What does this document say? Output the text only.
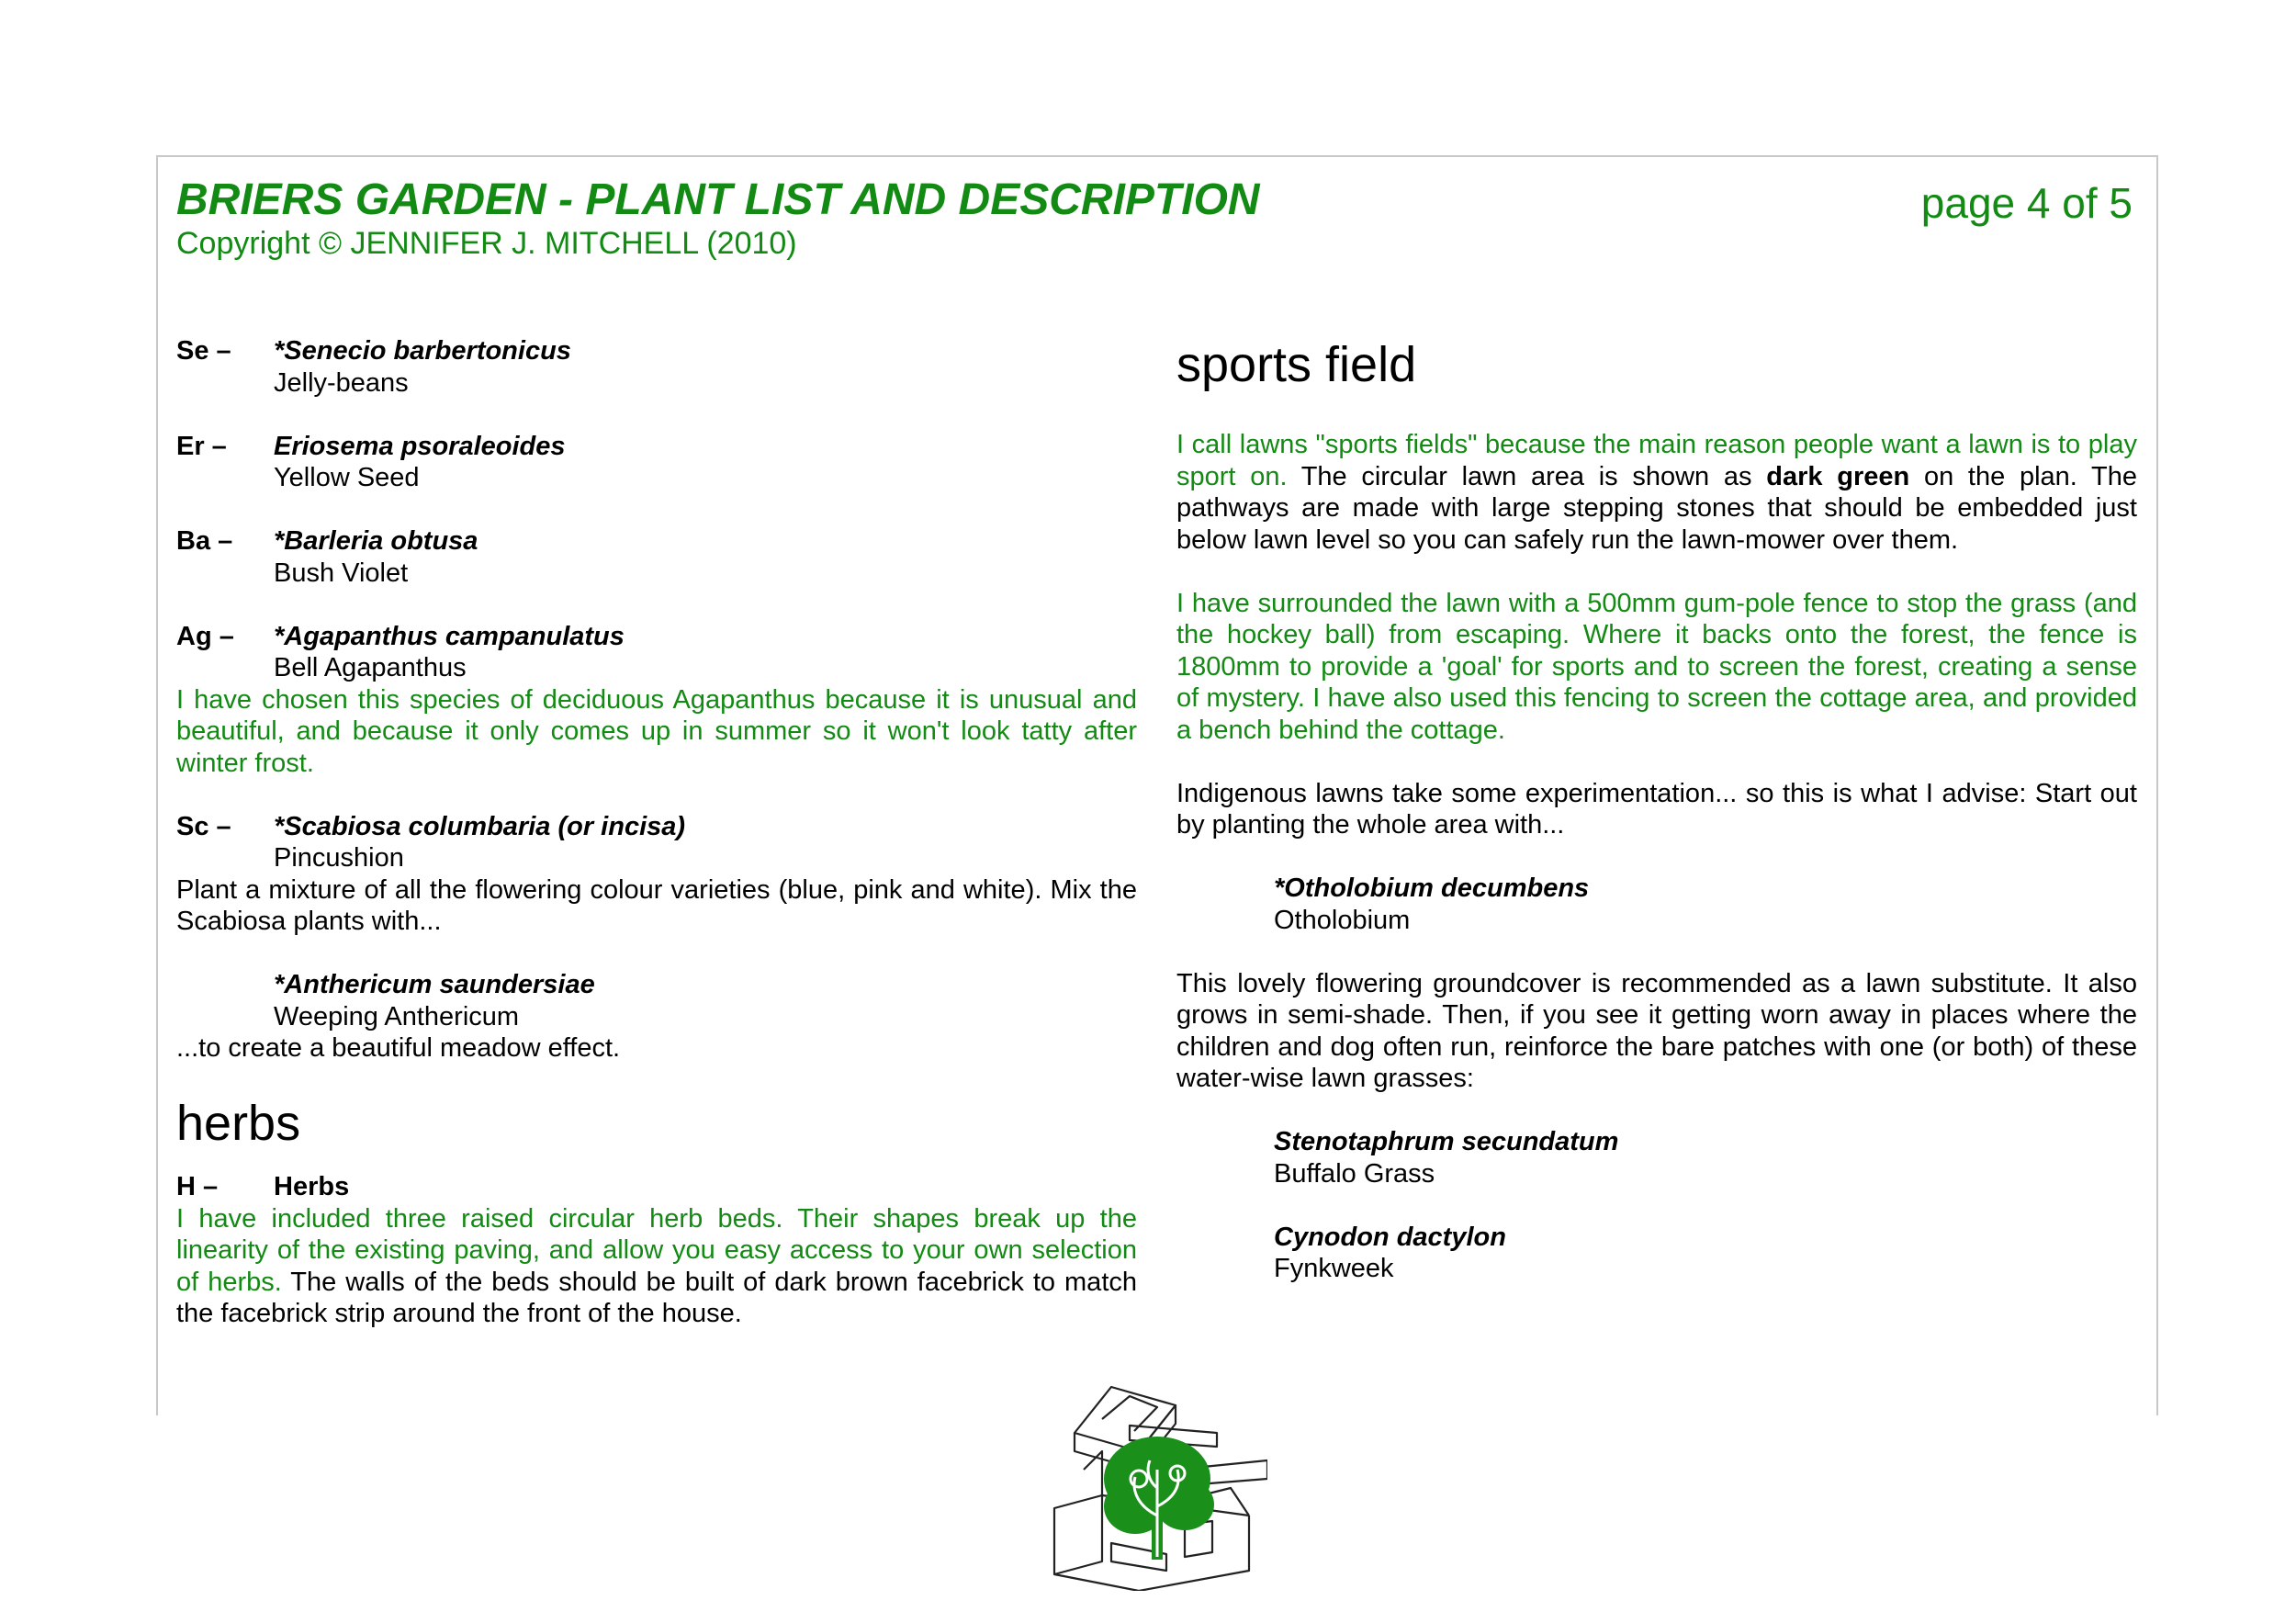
BRIERS GARDEN - PLANT LIST AND DESCRIPTION
Copyright © JENNIFER J. MITCHELL (2010)
page 4 of 5
Se –	*Senecio barbertonicus
Jelly-beans
Er –	Eriosema psoraleoides
Yellow Seed
Ba –	*Barleria obtusa
Bush Violet
Ag –	*Agapanthus campanulatus
Bell Agapanthus
I have chosen this species of deciduous Agapanthus because it is unusual and beautiful, and because it only comes up in summer so it won't look tatty after winter frost.
Sc –	*Scabiosa columbaria (or incisa)
Pincushion
Plant a mixture of all the flowering colour varieties (blue, pink and white). Mix the Scabiosa plants with...
*Anthericum saundersiae
Weeping Anthericum
...to create a beautiful meadow effect.
herbs
H –	Herbs
I have included three raised circular herb beds. Their shapes break up the linearity of the existing paving, and allow you easy access to your own selection of herbs. The walls of the beds should be built of dark brown facebrick to match the facebrick strip around the front of the house.
sports field

I call lawns "sports fields" because the main reason people want a lawn is to play sport on. The circular lawn area is shown as dark green on the plan. The pathways are made with large stepping stones that should be embedded just below lawn level so you can safely run the lawn-mower over them.

I have surrounded the lawn with a 500mm gum-pole fence to stop the grass (and the hockey ball) from escaping. Where it backs onto the forest, the fence is 1800mm to provide a 'goal' for sports and to screen the forest, creating a sense of mystery. I have also used this fencing to screen the cottage area, and provided a bench behind the cottage.

Indigenous lawns take some experimentation... so this is what I advise: Start out by planting the whole area with...

*Otholobium decumbens
Otholobium

This lovely flowering groundcover is recommended as a lawn substitute. It also grows in semi-shade. Then, if you see it getting worn away in places where the children and dog often run, reinforce the bare patches with one (or both) of these water-wise lawn grasses:

Stenotaphrum secundatum
Buffalo Grass
Cynodon dactylon
Fynkweek
